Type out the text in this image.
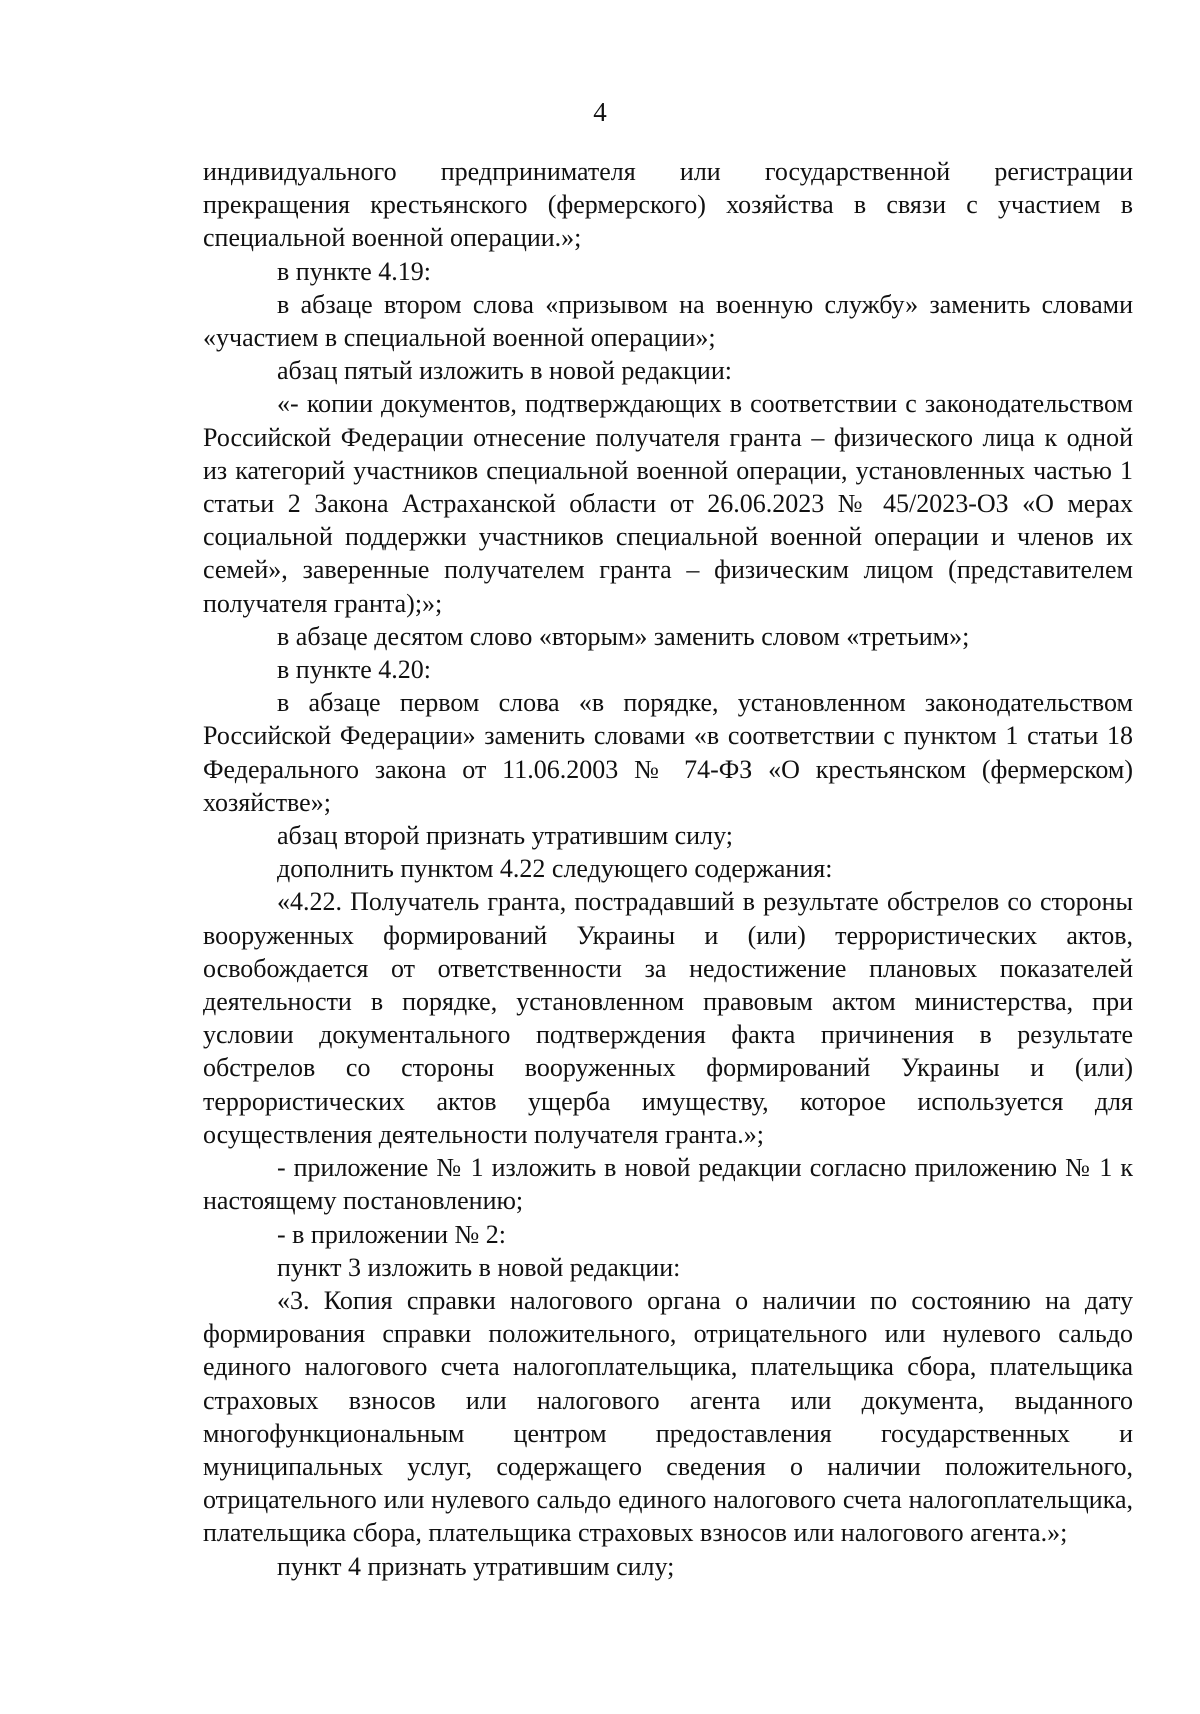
4

индивидуального предпринимателя или государственной регистрации прекращения крестьянского (фермерского) хозяйства в связи с участием в специальной военной операции.»;

в пункте 4.19:

в абзаце втором слова «призывом на военную службу» заменить словами «участием в специальной военной операции»;

абзац пятый изложить в новой редакции:

«- копии документов, подтверждающих в соответствии с законодательством Российской Федерации отнесение получателя гранта – физического лица к одной из категорий участников специальной военной операции, установленных частью 1 статьи 2 Закона Астраханской области от 26.06.2023 № 45/2023-ОЗ «О мерах социальной поддержки участников специальной военной операции и членов их семей», заверенные получателем гранта – физическим лицом (представителем получателя гранта);»;

в абзаце десятом слово «вторым» заменить словом «третьим»;

в пункте 4.20:

в абзаце первом слова «в порядке, установленном законодательством Российской Федерации» заменить словами «в соответствии с пунктом 1 статьи 18 Федерального закона от 11.06.2003 № 74-ФЗ «О крестьянском (фермерском) хозяйстве»;

абзац второй признать утратившим силу;

дополнить пунктом 4.22 следующего содержания:

«4.22. Получатель гранта, пострадавший в результате обстрелов со стороны вооруженных формирований Украины и (или) террористических актов, освобождается от ответственности за недостижение плановых показателей деятельности в порядке, установленном правовым актом министерства, при условии документального подтверждения факта причинения в результате обстрелов со стороны вооруженных формирований Украины и (или) террористических актов ущерба имуществу, которое используется для осуществления деятельности получателя гранта.»;

- приложение № 1 изложить в новой редакции согласно приложению № 1 к настоящему постановлению;

- в приложении № 2:

пункт 3 изложить в новой редакции:

«3. Копия справки налогового органа о наличии по состоянию на дату формирования справки положительного, отрицательного или нулевого сальдо единого налогового счета налогоплательщика, плательщика сбора, плательщика страховых взносов или налогового агента или документа, выданного многофункциональным центром предоставления государственных и муниципальных услуг, содержащего сведения о наличии положительного, отрицательного или нулевого сальдо единого налогового счета налогоплательщика, плательщика сбора, плательщика страховых взносов или налогового агента.»;

пункт 4 признать утратившим силу;
